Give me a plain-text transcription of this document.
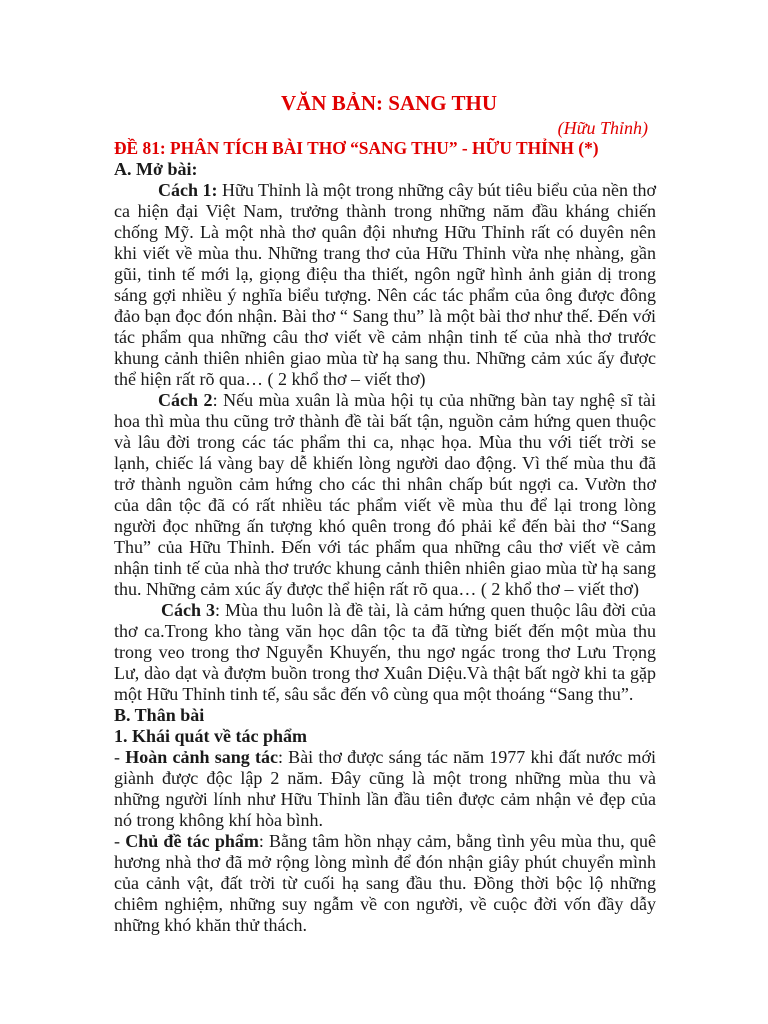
VĂN BẢN: SANG THU

(Hữu Thỉnh)

ĐỀ 81: PHÂN TÍCH BÀI THƠ “SANG THU” - HỮU THỈNH (*)

A. Mở bài:

Cách 1: Hữu Thỉnh là một trong những cây bút tiêu biểu của nền thơ ca hiện đại Việt Nam, trưởng thành trong những năm đầu kháng chiến chống Mỹ. Là một nhà thơ quân đội nhưng Hữu Thỉnh rất có duyên nên khi viết về mùa thu. Những trang thơ của Hữu Thỉnh vừa nhẹ nhàng, gần gũi, tinh tế mới lạ, giọng điệu tha thiết, ngôn ngữ hình ảnh giản dị trong sáng gợi nhiều ý nghĩa biểu tượng. Nên các tác phẩm của ông được đông đảo bạn đọc đón nhận. Bài thơ “ Sang thu” là một bài thơ như thế. Đến với tác phẩm qua những câu thơ viết về cảm nhận tinh tế của nhà thơ trước khung cảnh thiên nhiên giao mùa từ hạ sang thu. Những cảm xúc ấy được thể hiện rất rõ qua… ( 2 khổ thơ – viết thơ)

Cách 2: Nếu mùa xuân là mùa hội tụ của những bàn tay nghệ sĩ tài hoa thì mùa thu cũng trở thành đề tài bất tận, nguồn cảm hứng quen thuộc và lâu đời trong các tác phẩm thi ca, nhạc họa. Mùa thu với tiết trời se lạnh, chiếc lá vàng bay dễ khiến lòng người dao động. Vì thế mùa thu đã trở thành nguồn cảm hứng cho các thi nhân chấp bút ngợi ca. Vườn thơ của dân tộc đã có rất nhiều tác phẩm viết về mùa thu để lại trong lòng người đọc những ấn tượng khó quên trong đó phải kể đến bài thơ “Sang Thu” của Hữu Thỉnh. Đến với tác phẩm qua những câu thơ viết về cảm nhận tinh tế của nhà thơ trước khung cảnh thiên nhiên giao mùa từ hạ sang thu. Những cảm xúc ấy được thể hiện rất rõ qua… ( 2 khổ thơ – viết thơ)

Cách 3: Mùa thu luôn là đề tài, là cảm hứng quen thuộc lâu đời của thơ ca.Trong kho tàng văn học dân tộc ta đã từng biết đến một mùa thu trong veo trong thơ Nguyễn Khuyến, thu ngơ ngác trong thơ Lưu Trọng Lư, dào dạt và đượm buồn trong thơ Xuân Diệu.Và thật bất ngờ khi ta gặp một Hữu Thỉnh tinh tế, sâu sắc đến vô cùng qua một thoáng “Sang thu”.

B. Thân bài

1. Khái quát về tác phẩm

- Hoàn cảnh sang tác: Bài thơ được sáng tác năm 1977 khi đất nước mới giành được độc lập 2 năm. Đây cũng là một trong những mùa thu và những người lính như Hữu Thỉnh lần đầu tiên được cảm nhận vẻ đẹp của nó trong không khí hòa bình.

- Chủ đề tác phẩm: Bằng tâm hồn nhạy cảm, bằng tình yêu mùa thu, quê hương nhà thơ đã mở rộng lòng mình để đón nhận giây phút chuyển mình của cảnh vật, đất trời từ cuối hạ sang đầu thu. Đồng thời bộc lộ những chiêm nghiệm, những suy ngẫm về con người, về cuộc đời vốn đầy dẫy những khó khăn thử thách.
